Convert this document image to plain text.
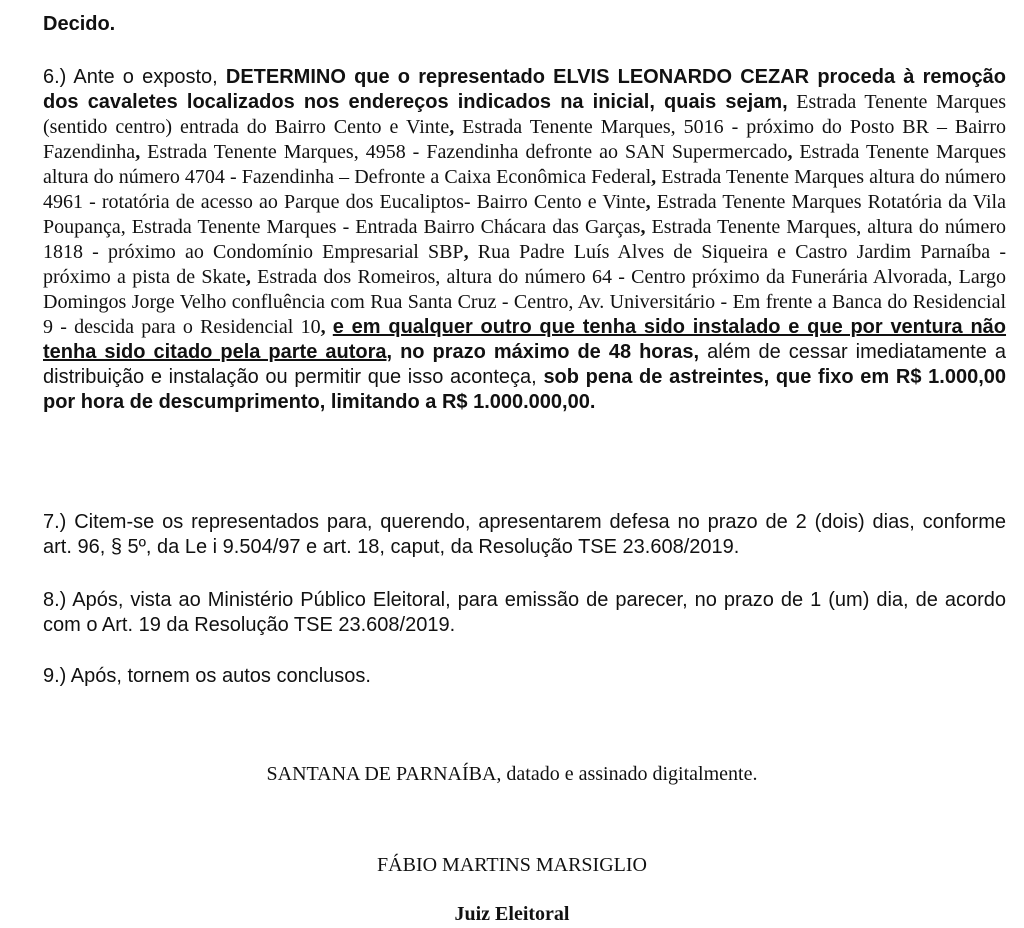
Decido.
6.) Ante o exposto, DETERMINO que o representado ELVIS LEONARDO CEZAR proceda à remoção dos cavaletes localizados nos endereços indicados na inicial, quais sejam, Estrada Tenente Marques (sentido centro) entrada do Bairro Cento e Vinte, Estrada Tenente Marques, 5016 - próximo do Posto BR – Bairro Fazendinha, Estrada Tenente Marques, 4958 - Fazendinha defronte ao SAN Supermercado, Estrada Tenente Marques altura do número 4704 - Fazendinha – Defronte a Caixa Econômica Federal, Estrada Tenente Marques altura do número 4961 - rotatória de acesso ao Parque dos Eucaliptos- Bairro Cento e Vinte, Estrada Tenente Marques Rotatória da Vila Poupança, Estrada Tenente Marques - Entrada Bairro Chácara das Garças, Estrada Tenente Marques, altura do número 1818 - próximo ao Condomínio Empresarial SBP, Rua Padre Luís Alves de Siqueira e Castro Jardim Parnaíba - próximo a pista de Skate, Estrada dos Romeiros, altura do número 64 - Centro próximo da Funerária Alvorada, Largo Domingos Jorge Velho confluência com Rua Santa Cruz - Centro, Av. Universitário - Em frente a Banca do Residencial 9 - descida para o Residencial 10, e em qualquer outro que tenha sido instalado e que por ventura não tenha sido citado pela parte autora, no prazo máximo de 48 horas, além de cessar imediatamente a distribuição e instalação ou permitir que isso aconteça, sob pena de astreintes, que fixo em R$ 1.000,00 por hora de descumprimento, limitando a R$ 1.000.000,00.
7.) Citem-se os representados para, querendo, apresentarem defesa no prazo de 2 (dois) dias, conforme art. 96, § 5º, da Le i 9.504/97 e art. 18, caput, da Resolução TSE 23.608/2019.
8.) Após, vista ao Ministério Público Eleitoral, para emissão de parecer, no prazo de 1 (um) dia, de acordo com o Art. 19 da Resolução TSE 23.608/2019.
9.) Após, tornem os autos conclusos.
SANTANA DE PARNAÍBA, datado e assinado digitalmente.
FÁBIO MARTINS MARSIGLIO
Juiz Eleitoral
